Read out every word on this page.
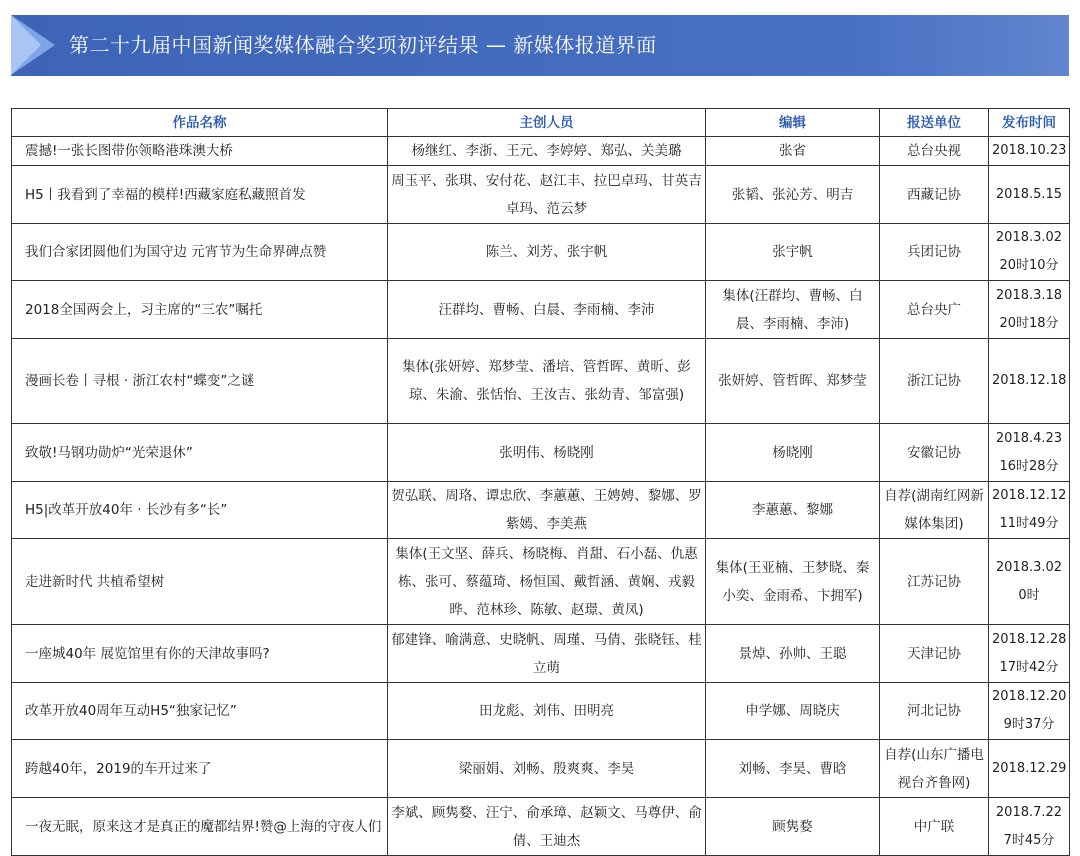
第二十九届中国新闻奖媒体融合奖项初评结果 — 新媒体报道界面
作品名称	主创人员	编辑	报送单位	发布时间
震撼!一张长图带你领略港珠澳大桥	杨继红、李浙、王元、李婷婷、郑弘、关美璐	张省	总台央视	2018.10.23
H5丨我看到了幸福的模样!西藏家庭私藏照首发	周玉平、张琪、安付花、赵江丰、拉巴卓玛、甘英吉卓玛、范云梦	张韬、张沁芳、明吉	西藏记协	2018.5.15
我们合家团圆他们为国守边 元宵节为生命界碑点赞	陈兰、刘芳、张宇帆	张宇帆	兵团记协	2018.3.02 20时10分
2018全国两会上，习主席的“三农”嘱托	汪群均、曹畅、白晨、李雨楠、李沛	集体(汪群均、曹畅、白晨、李雨楠、李沛)	总台央广	2018.3.18 20时18分
漫画长卷丨寻根 · 浙江农村“蝶变”之谜	集体(张妍婷、郑梦莹、潘培、管哲晖、黄昕、彭琼、朱渝、张恬怡、王汝吉、张幼青、邹富强)	张妍婷、管哲晖、郑梦莹	浙江记协	2018.12.18
致敬!马钢功勋炉“光荣退休”	张明伟、杨晓刚	杨晓刚	安徽记协	2018.4.23 16时28分
H5|改革开放40年 · 长沙有多“长”	贺弘联、周珞、谭忠欣、李蕙蕙、王娉娉、黎娜、罗紫嫣、李美燕	李蕙蕙、黎娜	自荐(湖南红网新媒体集团)	2018.12.12 11时49分
走进新时代 共植希望树	集体(王文坚、薛兵、杨晓梅、肖甜、石小磊、仇惠栋、张可、蔡蕴琦、杨恒国、戴哲涵、黄娴、戎毅晔、范林珍、陈敏、赵璟、黄凤)	集体(王亚楠、王梦晓、秦小奕、金雨希、卞拥军)	江苏记协	2018.3.02 0时
一座城40年 展览馆里有你的天津故事吗?	郁建锋、喻满意、史晓帆、周瑾、马倩、张晓钰、桂立萌	景焯、孙帅、王聪	天津记协	2018.12.28 17时42分
改革开放40周年互动H5“独家记忆”	田龙彪、刘伟、田明亮	申学娜、周晓庆	河北记协	2018.12.20 9时37分
跨越40年，2019的车开过来了	梁丽娟、刘畅、殷爽爽、李昊	刘畅、李昊、曹晗	自荐(山东广播电视台齐鲁网)	2018.12.29
一夜无眠，原来这才是真正的魔都结界!赞@上海的守夜人们	李斌、顾隽婺、汪宁、俞承璋、赵颖文、马尊伊、俞倩、王迪杰	顾隽婺	中广联	2018.7.22 7时45分
